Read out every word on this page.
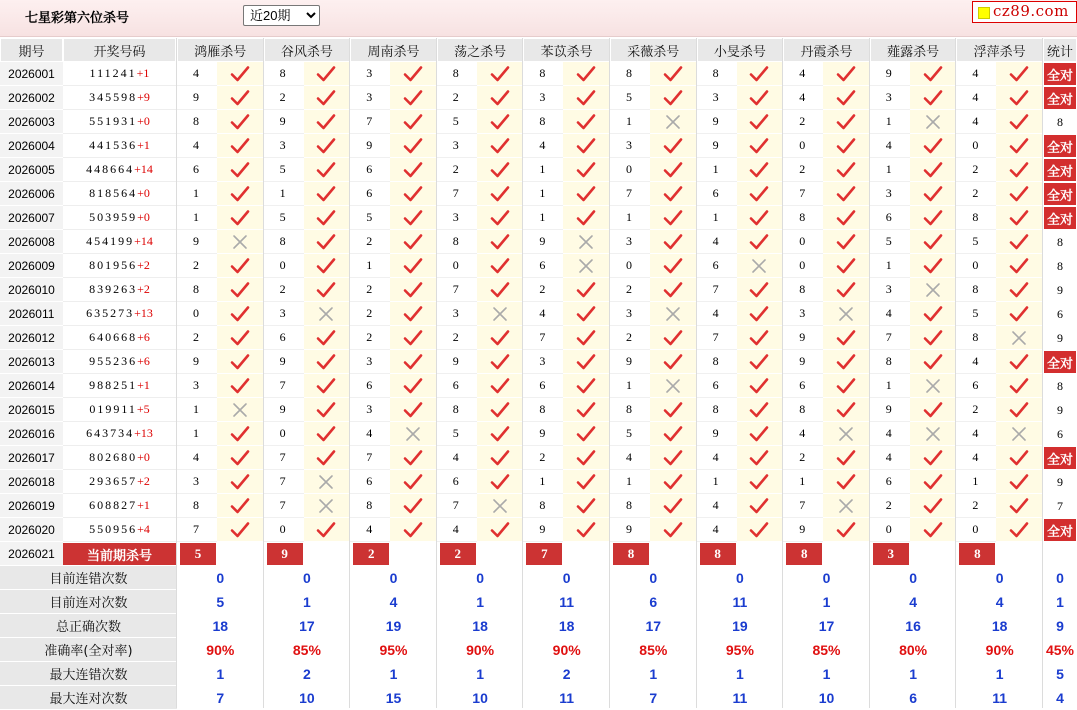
七星彩第六位杀号
近20期	cz89.com
期号	开奖号码	鸿雁杀号	谷风杀号	周南杀号	荡之杀号	苯苡杀号	采薇杀号	小旻杀号	丹霞杀号	薤露杀号	浮萍杀号	统计
2026001	111241 +1	4	8	3	8	8	8	8	4	9	4	全对
2026002	345598 +9	9	2	3	2	3	5	3	4	3	4	全对
2026003	551931 +0	8	9	7	5	8	1	9	2	1	4	8
2026004	441536 +1	4	3	9	3	4	3	9	0	4	0	全对
2026005	448664 +14	6	5	6	2	1	0	1	2	1	2	全对
2026006	818564 +0	1	1	6	7	1	7	6	7	3	2	全对
2026007	503959 +0	1	5	5	3	1	1	1	8	6	8	全对
2026008	454199 +14	9	8	2	8	9	3	4	0	5	5	8
2026009	801956 +2	2	0	1	0	6	0	6	0	1	0	8
2026010	839263 +2	8	2	2	7	2	2	7	8	3	8	9
2026011	635273 +13	0	3	2	3	4	3	4	3	4	5	6
2026012	640668 +6	2	6	2	2	7	2	7	9	7	8	9
2026013	955236 +6	9	9	3	9	3	9	8	9	8	4	全对
2026014	988251 +1	3	7	6	6	6	1	6	6	1	6	8
2026015	019911 +5	1	9	3	8	8	8	8	8	9	2	9
2026016	643734 +13	1	0	4	5	9	5	9	4	4	4	6
2026017	802680 +0	4	7	7	4	2	4	4	2	4	4	全对
2026018	293657 +2	3	7	6	6	1	1	1	1	6	1	9
2026019	608827 +1	8	7	8	7	8	8	4	7	2	2	7
2026020	550956 +4	7	0	4	4	9	9	4	9	0	0	全对
2026021	当前期杀号	5	9	2	2	7	8	8	8	3	8
目前连错次数	0	0	0	0	0	0	0	0	0	0	0
目前连对次数	5	1	4	1	11	6	11	1	4	4	1
总正确次数	18	17	19	18	18	17	19	17	16	18	9
准确率(全对率)	90%	85%	95%	90%	90%	85%	95%	85%	80%	90%	45%
最大连错次数	1	2	1	1	2	1	1	1	1	1	5
最大连对次数	7	10	15	10	11	7	11	10	6	11	4
